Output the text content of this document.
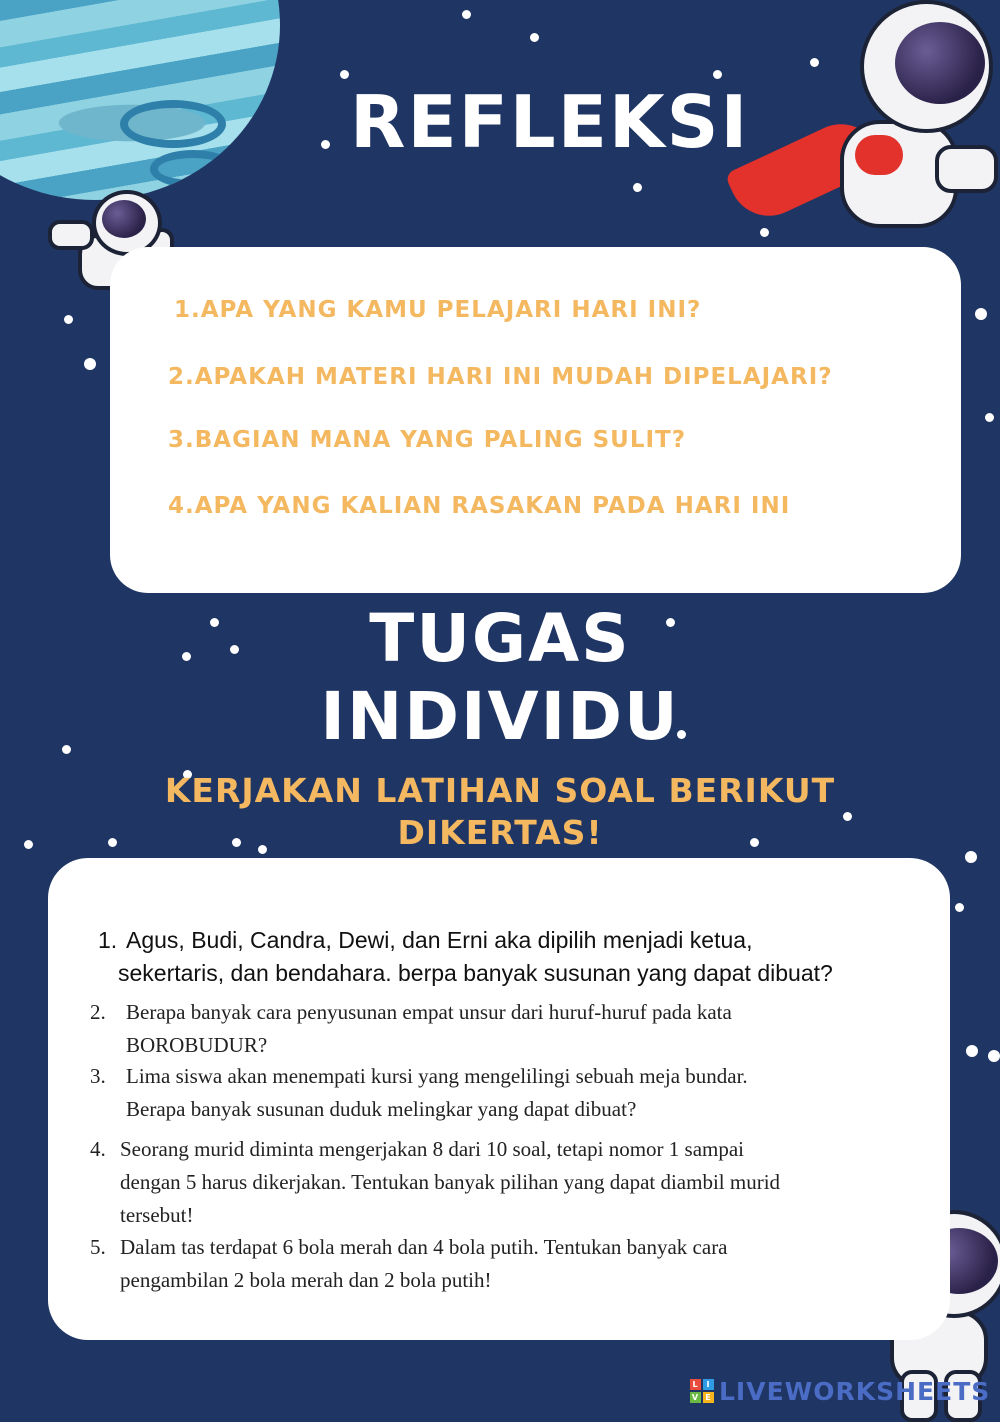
REFLEKSI
1.APA YANG KAMU PELAJARI HARI INI?
2.APAKAH MATERI HARI INI MUDAH DIPELAJARI?
3.BAGIAN MANA YANG PALING SULIT?
4.APA YANG KALIAN RASAKAN PADA HARI INI
TUGAS
INDIVIDU
KERJAKAN LATIHAN SOAL BERIKUT
DIKERTAS!
1. Agus, Budi, Candra, Dewi, dan Erni aka dipilih menjadi ketua,
sekertaris, dan bendahara. berpa banyak susunan yang dapat dibuat?
2. Berapa banyak cara penyusunan empat unsur dari huruf-huruf pada kata
BOROBUDUR?
3. Lima siswa akan menempati kursi yang mengelilingi sebuah meja bundar.
Berapa banyak susunan duduk melingkar yang dapat dibuat?
4. Seorang murid diminta mengerjakan 8 dari 10 soal, tetapi nomor 1 sampai
dengan 5 harus dikerjakan. Tentukan banyak pilihan yang dapat diambil murid
tersebut!
5. Dalam tas terdapat 6 bola merah dan 4 bola putih. Tentukan banyak cara
pengambilan 2 bola merah dan 2 bola putih!
L I
V E LIVEWORKSHEETS
